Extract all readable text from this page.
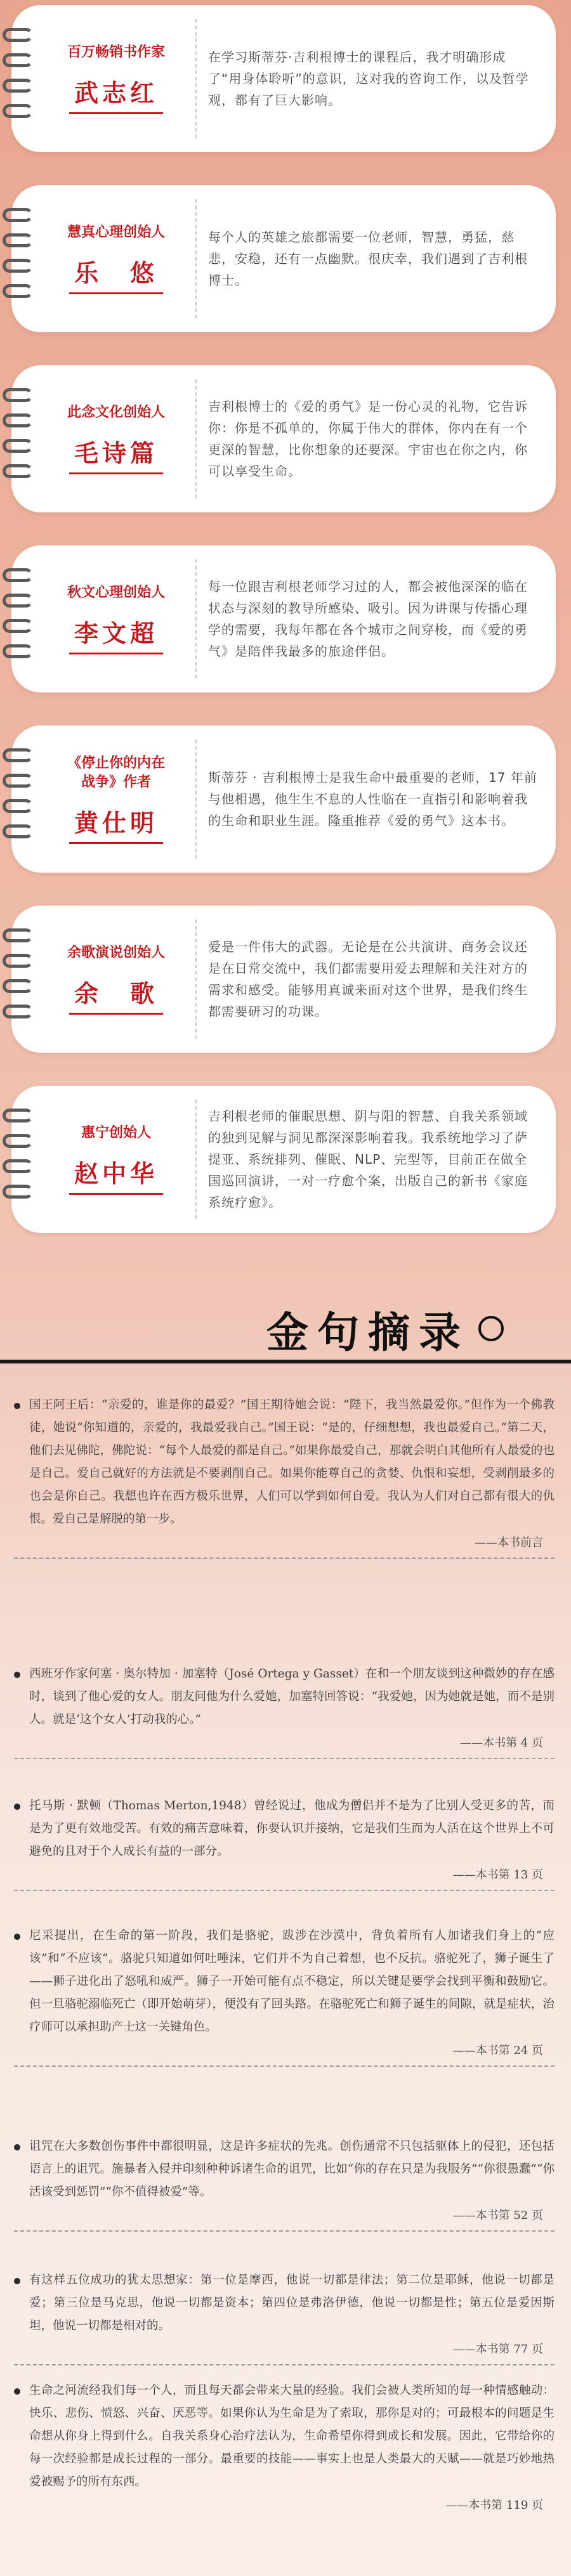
百万畅销书作家
武志红
在学习斯蒂芬·吉利根博士的课程后，我才明确形成了“用身体聆听”的意识，这对我的咨询工作，以及哲学观，都有了巨大影响。
慧真心理创始人
乐　悠
每个人的英雄之旅都需要一位老师，智慧，勇猛，慈悲，安稳，还有一点幽默。很庆幸，我们遇到了吉利根博士。
此念文化创始人
毛诗篇
吉利根博士的《爱的勇气》是一份心灵的礼物，它告诉你：你是不孤单的，你属于伟大的群体，你内在有一个更深的智慧，比你想象的还要深。宇宙也在你之内，你可以享受生命。
秋文心理创始人
李文超
每一位跟吉利根老师学习过的人，都会被他深深的临在状态与深刻的教导所感染、吸引。因为讲课与传播心理学的需要，我每年都在各个城市之间穿梭，而《爱的勇气》是陪伴我最多的旅途伴侣。
《停止你的内在
战争》作者
黄仕明
斯蒂芬 · 吉利根博士是我生命中最重要的老师，17 年前与他相遇，他生生不息的人性临在一直指引和影响着我的生命和职业生涯。隆重推荐《爱的勇气》这本书。
余歌演说创始人
余　歌
爱是一件伟大的武器。无论是在公共演讲、商务会议还是在日常交流中，我们都需要用爱去理解和关注对方的需求和感受。能够用真诚来面对这个世界，是我们终生都需要研习的功课。
惠宁创始人
赵中华
吉利根老师的催眠思想、阴与阳的智慧、自我关系领域的独到见解与洞见都深深影响着我。我系统地学习了萨提亚、系统排列、催眠、NLP、完型等，目前正在做全国巡回演讲，一对一疗愈个案，出版自己的新书《家庭系统疗愈》。
金句摘录
国王阿王后：“亲爱的，谁是你的最爱？”国王期待她会说：“陛下，我当然最爱你。”但作为一个佛教徒，她说“你知道的，亲爱的，我最爱我自己。”国王说：“是的，仔细想想，我也最爱自己。”第二天，他们去见佛陀，佛陀说：“每个人最爱的都是自己。”如果你最爱自己，那就会明白其他所有人最爱的也是自己。爱自己就好的方法就是不要剥削自己。如果你能尊自己的贪婪、仇恨和妄想，受剥削最多的也会是你自己。我想也许在西方极乐世界，人们可以学到如何自爱。我认为人们对自己都有很大的仇恨。爱自己是解脱的第一步。
——本书前言
西班牙作家何塞 · 奥尔特加 · 加塞特（José Ortega y Gasset）在和一个朋友谈到这种微妙的存在感时，谈到了他心爱的女人。朋友问他为什么爱她，加塞特回答说：“我爱她，因为她就是她，而不是别人。就是‘这个女人’打动我的心。”
——本书第 4 页
托马斯 · 默顿（Thomas Merton,1948）曾经说过，他成为僧侣并不是为了比别人受更多的苦，而是为了更有效地受苦。有效的痛苦意味着，你要认识并接纳，它是我们生而为人活在这个世界上不可避免的且对于个人成长有益的一部分。
——本书第 13 页
尼采提出，在生命的第一阶段，我们是骆驼，跋涉在沙漠中，背负着所有人加诸我们身上的“应该”和“不应该”。骆驼只知道如何吐唾沫，它们并不为自己着想，也不反抗。骆驼死了，狮子诞生了——狮子进化出了怒吼和威严。狮子一开始可能有点不稳定，所以关键是要学会找到平衡和鼓励它。但一旦骆驼溺临死亡（即开始萌芽），便没有了回头路。在骆驼死亡和狮子诞生的间隙，就是症状，治疗师可以承担助产士这一关键角色。
——本书第 24 页
诅咒在大多数创伤事件中都很明显，这是许多症状的先兆。创伤通常不只包括躯体上的侵犯，还包括语言上的诅咒。施暴者入侵并印刻种种诉诸生命的诅咒，比如“你的存在只是为我服务”“你很愚蠢”“你活该受到惩罚”“你不值得被爱”等。
——本书第 52 页
有这样五位成功的犹太思想家：第一位是摩西，他说一切都是律法；第二位是耶稣，他说一切都是爱；第三位是马克思，他说一切都是资本；第四位是弗洛伊德，他说一切都是性；第五位是爱因斯坦，他说一切都是相对的。
——本书第 77 页
生命之河流经我们每一个人，而且每天都会带来大量的经验。我们会被人类所知的每一种情感触动：快乐、悲伤、愤怒、兴奋、厌恶等。如果你认为生命是为了索取，那你是对的；可最根本的问题是生命想从你身上得到什么。自我关系身心治疗法认为，生命希望你得到成长和发展。因此，它带给你的每一次经验都是成长过程的一部分。最重要的技能——事实上也是人类最大的天赋——就是巧妙地热爱被赐予的所有东西。
——本书第 119 页
